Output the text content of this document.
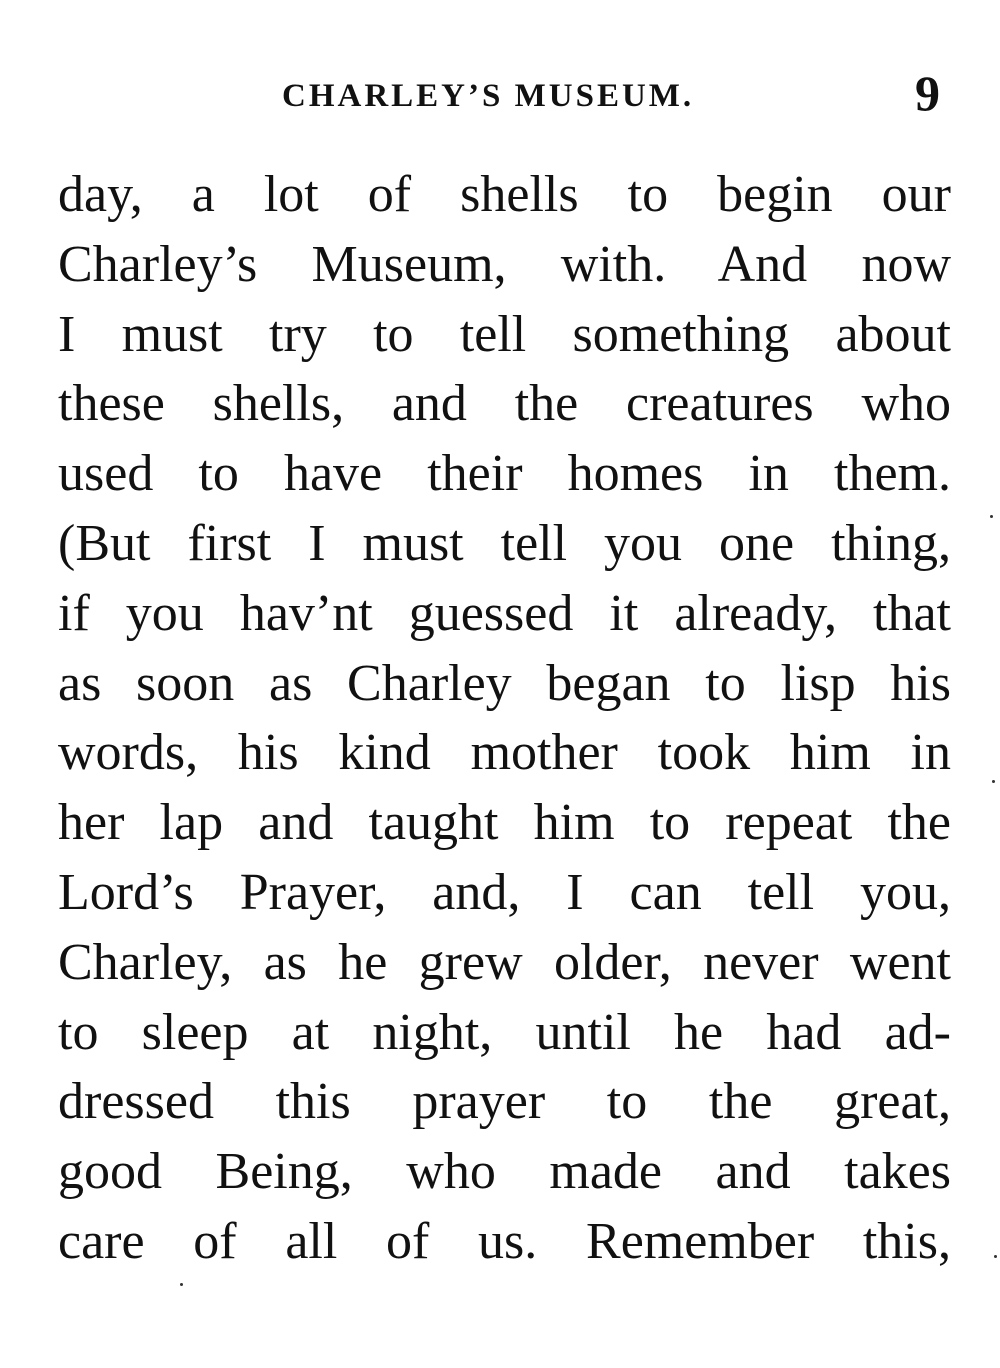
CHARLEY’S MUSEUM.	9
day, a lot of shells to begin our
Charley’s Museum, with. And now
I must try to tell something about
these shells, and the creatures who
used to have their homes in them.
(But first I must tell you one thing,
if you hav’nt guessed it already, that
as soon as Charley began to lisp his
words, his kind mother took him in
her lap and taught him to repeat the
Lord’s Prayer, and, I can tell you,
Charley, as he grew older, never went
to sleep at night, until he had ad-
dressed this prayer to the great,
good Being, who made and takes
care of all of us. Remember this,
